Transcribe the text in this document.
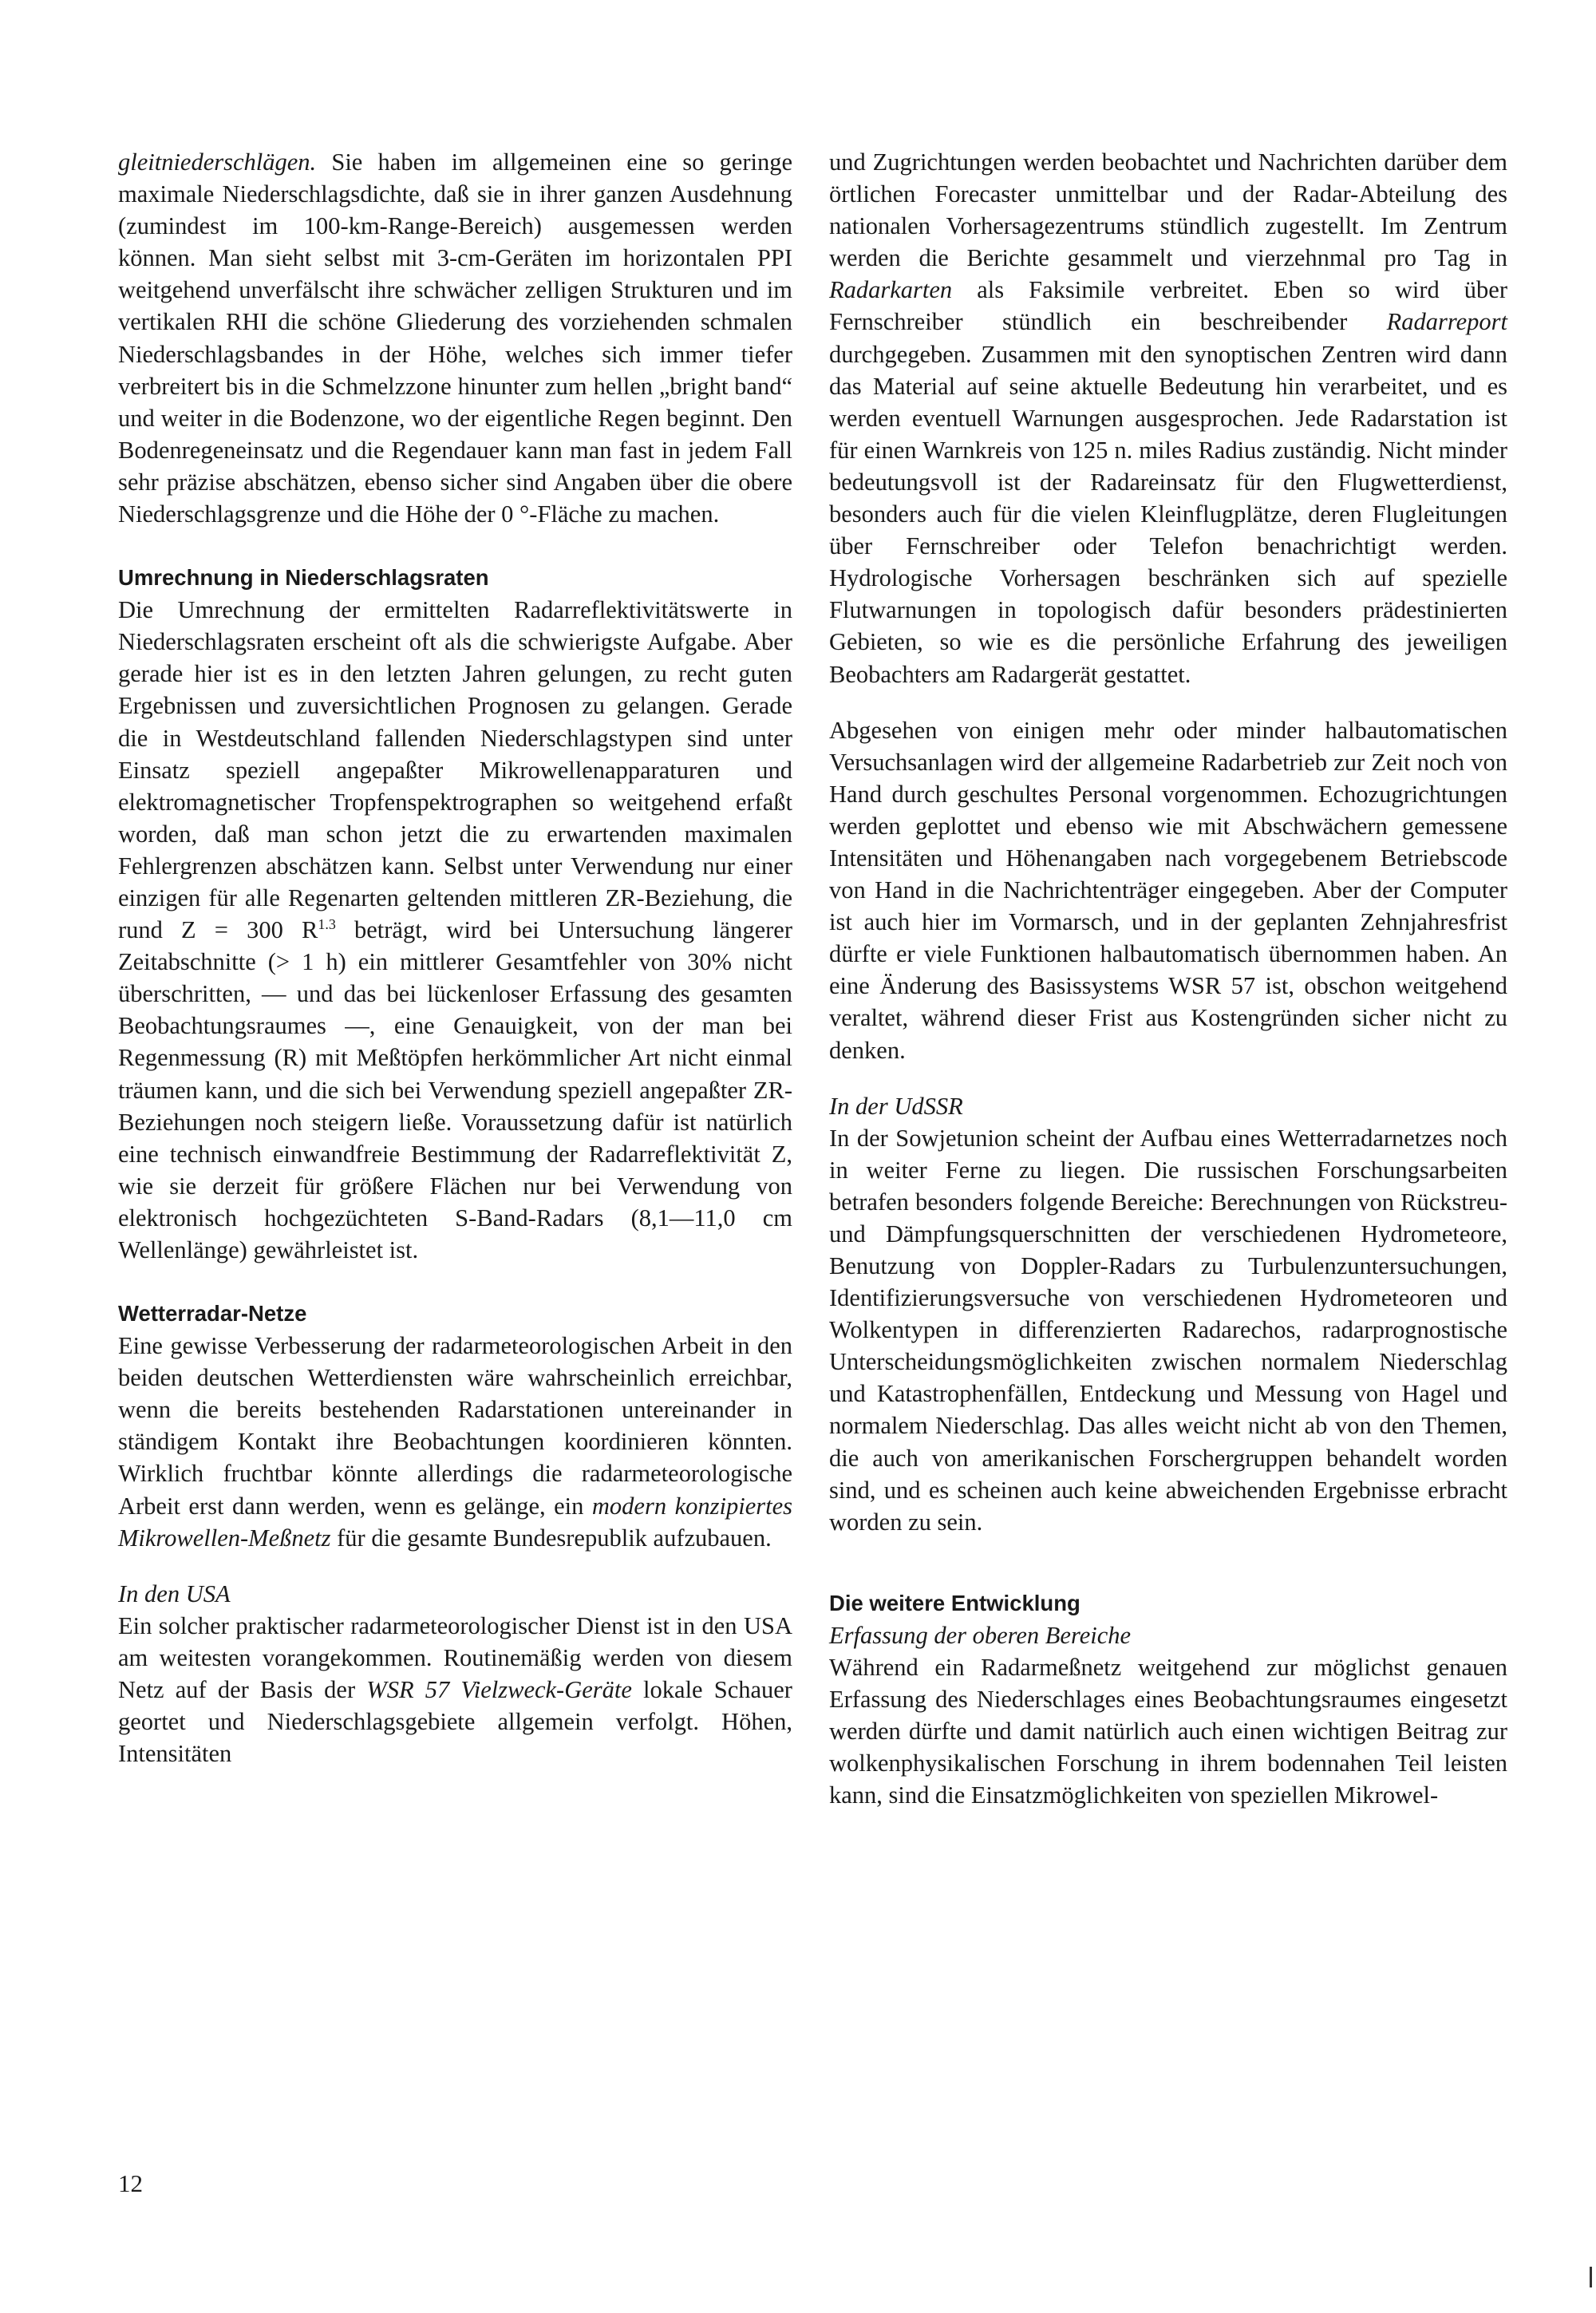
gleitniederschlägen. Sie haben im allgemeinen eine so geringe maximale Niederschlagsdichte, daß sie in ihrer ganzen Ausdehnung (zumindest im 100-km-Range-Bereich) ausgemessen werden können. Man sieht selbst mit 3-cm-Geräten im horizontalen PPI weitgehend unverfälscht ihre schwächer zelligen Strukturen und im vertikalen RHI die schöne Gliederung des vorziehenden schmalen Niederschlagsbandes in der Höhe, welches sich immer tiefer verbreitert bis in die Schmelzzone hinunter zum hellen „bright band“ und weiter in die Bodenzone, wo der eigentliche Regen beginnt. Den Bodenregeneinsatz und die Regendauer kann man fast in jedem Fall sehr präzise abschätzen, ebenso sicher sind Angaben über die obere Niederschlagsgrenze und die Höhe der 0 °-Fläche zu machen.

Umrechnung in Niederschlagsraten

Die Umrechnung der ermittelten Radarreflektivitätswerte in Niederschlagsraten erscheint oft als die schwierigste Aufgabe. Aber gerade hier ist es in den letzten Jahren gelungen, zu recht guten Ergebnissen und zuversichtlichen Prognosen zu gelangen. Gerade die in Westdeutschland fallenden Niederschlagstypen sind unter Einsatz speziell angepaßter Mikrowellenapparaturen und elektromagnetischer Tropfenspektrographen so weitgehend erfaßt worden, daß man schon jetzt die zu erwartenden maximalen Fehlergrenzen abschätzen kann. Selbst unter Verwendung nur einer einzigen für alle Regenarten geltenden mittleren ZR-Beziehung, die rund Z = 300 $R^{1.3}$ beträgt, wird bei Untersuchung längerer Zeitabschnitte (> 1 h) ein mittlerer Gesamtfehler von 30% nicht überschritten, — und das bei lückenloser Erfassung des gesamten Beobachtungsraumes —, eine Genauigkeit, von der man bei Regenmessung (R) mit Meßtöpfen herkömmlicher Art nicht einmal träumen kann, und die sich bei Verwendung speziell angepaßter ZR-Beziehungen noch steigern ließe. Voraussetzung dafür ist natürlich eine technisch einwandfreie Bestimmung der Radarreflektivität Z, wie sie derzeit für größere Flächen nur bei Verwendung von elektronisch hochgezüchteten S-Band-Radars (8,1—11,0 cm Wellenlänge) gewährleistet ist.

Wetterradar-Netze

Eine gewisse Verbesserung der radarmeteorologischen Arbeit in den beiden deutschen Wetterdiensten wäre wahrscheinlich erreichbar, wenn die bereits bestehenden Radarstationen untereinander in ständigem Kontakt ihre Beobachtungen koordinieren könnten. Wirklich fruchtbar könnte allerdings die radarmeteorologische Arbeit erst dann werden, wenn es gelänge, ein modern konzipiertes Mikrowellen-Meßnetz für die gesamte Bundesrepublik aufzubauen.

In den USA

Ein solcher praktischer radarmeteorologischer Dienst ist in den USA am weitesten vorangekommen. Routinemäßig werden von diesem Netz auf der Basis der WSR 57 Vielzweck-Geräte lokale Schauer geortet und Niederschlagsgebiete allgemein verfolgt. Höhen, Intensitäten

und Zugrichtungen werden beobachtet und Nachrichten darüber dem örtlichen Forecaster unmittelbar und der Radar-Abteilung des nationalen Vorhersagezentrums stündlich zugestellt. Im Zentrum werden die Berichte gesammelt und vierzehnmal pro Tag in Radarkarten als Faksimile verbreitet. Eben so wird über Fernschreiber stündlich ein beschreibender Radarreport durchgegeben. Zusammen mit den synoptischen Zentren wird dann das Material auf seine aktuelle Bedeutung hin verarbeitet, und es werden eventuell Warnungen ausgesprochen. Jede Radarstation ist für einen Warnkreis von 125 n. miles Radius zuständig. Nicht minder bedeutungsvoll ist der Radareinsatz für den Flugwetterdienst, besonders auch für die vielen Kleinflugplätze, deren Flugleitungen über Fernschreiber oder Telefon benachrichtigt werden. Hydrologische Vorhersagen beschränken sich auf spezielle Flutwarnungen in topologisch dafür besonders prädestinierten Gebieten, so wie es die persönliche Erfahrung des jeweiligen Beobachters am Radargerät gestattet.

Abgesehen von einigen mehr oder minder halbautomatischen Versuchsanlagen wird der allgemeine Radarbetrieb zur Zeit noch von Hand durch geschultes Personal vorgenommen. Echozugrichtungen werden geplottet und ebenso wie mit Abschwächern gemessene Intensitäten und Höhenangaben nach vorgegebenem Betriebscode von Hand in die Nachrichtenträger eingegeben. Aber der Computer ist auch hier im Vormarsch, und in der geplanten Zehnjahresfrist dürfte er viele Funktionen halbautomatisch übernommen haben. An eine Änderung des Basissystems WSR 57 ist, obschon weitgehend veraltet, während dieser Frist aus Kostengründen sicher nicht zu denken.

In der UdSSR

In der Sowjetunion scheint der Aufbau eines Wetterradarnetzes noch in weiter Ferne zu liegen. Die russischen Forschungsarbeiten betrafen besonders folgende Bereiche: Berechnungen von Rückstreu- und Dämpfungsquerschnitten der verschiedenen Hydrometeore, Benutzung von Doppler-Radars zu Turbulenzuntersuchungen, Identifizierungsversuche von verschiedenen Hydrometeoren und Wolkentypen in differenzierten Radarechos, radarprognostische Unterscheidungsmöglichkeiten zwischen normalem Niederschlag und Katastrophenfällen, Entdeckung und Messung von Hagel und normalem Niederschlag. Das alles weicht nicht ab von den Themen, die auch von amerikanischen Forschergruppen behandelt worden sind, und es scheinen auch keine abweichenden Ergebnisse erbracht worden zu sein.

Die weitere Entwicklung
Erfassung der oberen Bereiche

Während ein Radarmeßnetz weitgehend zur möglichst genauen Erfassung des Niederschlages eines Beobachtungsraumes eingesetzt werden dürfte und damit natürlich auch einen wichtigen Beitrag zur wolkenphysikalischen Forschung in ihrem bodennahen Teil leisten kann, sind die Einsatzmöglichkeiten von speziellen Mikrowel-

12
